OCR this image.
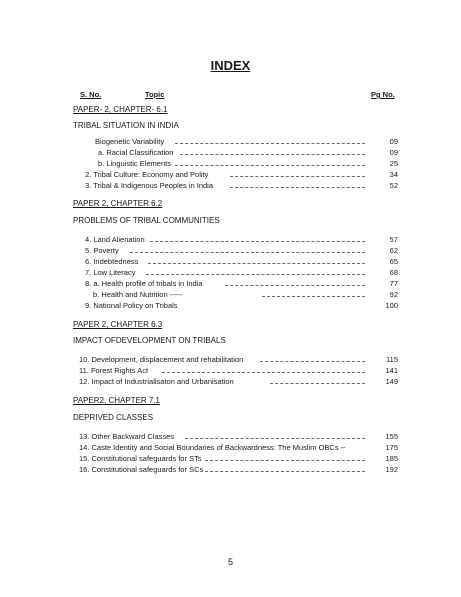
INDEX
S. No.	Topic	Pg No.
PAPER- 2, CHAPTER- 6.1
TRIBAL SITUATION IN INDIA
Biogenetic Variability	09
a. Racial Classification	09
b. Linguistic Elements	25
2. Tribal Culture: Economy and Polity	34
3. Tribal & Indigenous Peoples in India	52
PAPER 2, CHAPTER 6.2
PROBLEMS OF TRIBAL COMMUNITIES
4. Land Alienation	57
5. Poverty	62
6. Indebtedness	65
7. Low Literacy	68
8. a. Health profile of tribals in India	77
b. Health and Nutrition -----	92
9. National Policy on Tribals	100
PAPER 2, CHAPTER 6.3
IMPACT OFDEVELOPMENT ON TRIBALS
10. Development, displacement and rehabilitation	115
11. Forest Rights Act	141
12. Impact of Industrialisaton and Urbanisation	149
PAPER2, CHAPTER 7.1
DEPRIVED CLASSES
13. Other Backward Classes	155
14. Caste Identity and Social Boundaries of Backwardness: The Muslim OBCs --	175
15. Constitutional safeguards for STs	185
16. Constitutional safeguards for SCs	192
5
